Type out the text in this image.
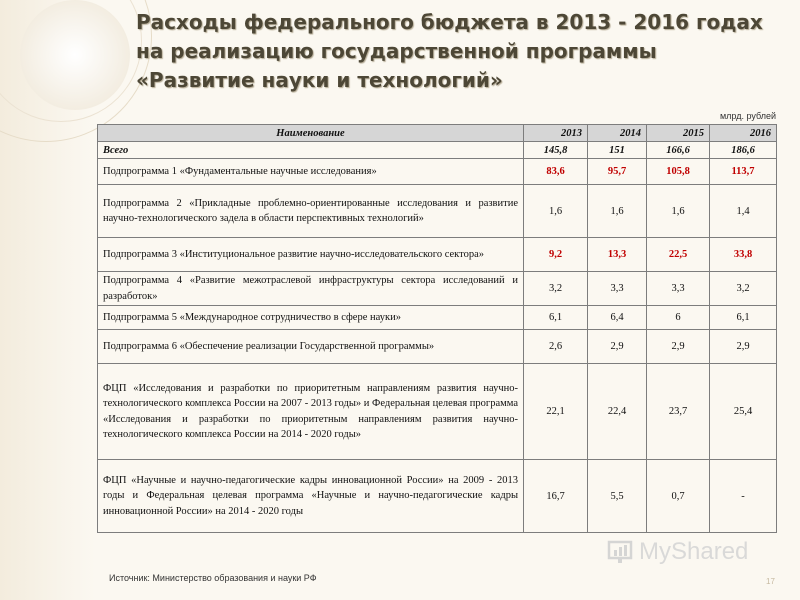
Расходы федерального бюджета в 2013 - 2016 годах
на реализацию государственной программы
«Развитие науки и технологий»
млрд. рублей
Наименование	2013	2014	2015	2016
Всего	145,8	151	166,6	186,6
Подпрограмма 1 «Фундаментальные научные исследования»	83,6	95,7	105,8	113,7
Подпрограмма 2 «Прикладные проблемно-ориентированные исследования и развитие научно-технологического задела в области перспективных технологий»	1,6	1,6	1,6	1,4
Подпрограмма 3 «Институциональное развитие научно-исследовательского сектора»	9,2	13,3	22,5	33,8
Подпрограмма 4 «Развитие межотраслевой инфраструктуры сектора исследований и разработок»	3,2	3,3	3,3	3,2
Подпрограмма 5 «Международное сотрудничество в сфере науки»	6,1	6,4	6	6,1
Подпрограмма 6 «Обеспечение реализации Государственной программы»	2,6	2,9	2,9	2,9
ФЦП «Исследования и разработки по приоритетным направлениям развития научно-технологического комплекса России на 2007 - 2013 годы» и Федеральная целевая программа «Исследования и разработки по приоритетным направлениям развития научно-технологического комплекса России на 2014 - 2020 годы»	22,1	22,4	23,7	25,4
ФЦП «Научные и научно-педагогические кадры инновационной России» на 2009 - 2013 годы и Федеральная целевая программа «Научные и научно-педагогические кадры инновационной России» на 2014 - 2020 годы	16,7	5,5	0,7	-
Источник: Министерство образования и науки РФ	17
MyShared
